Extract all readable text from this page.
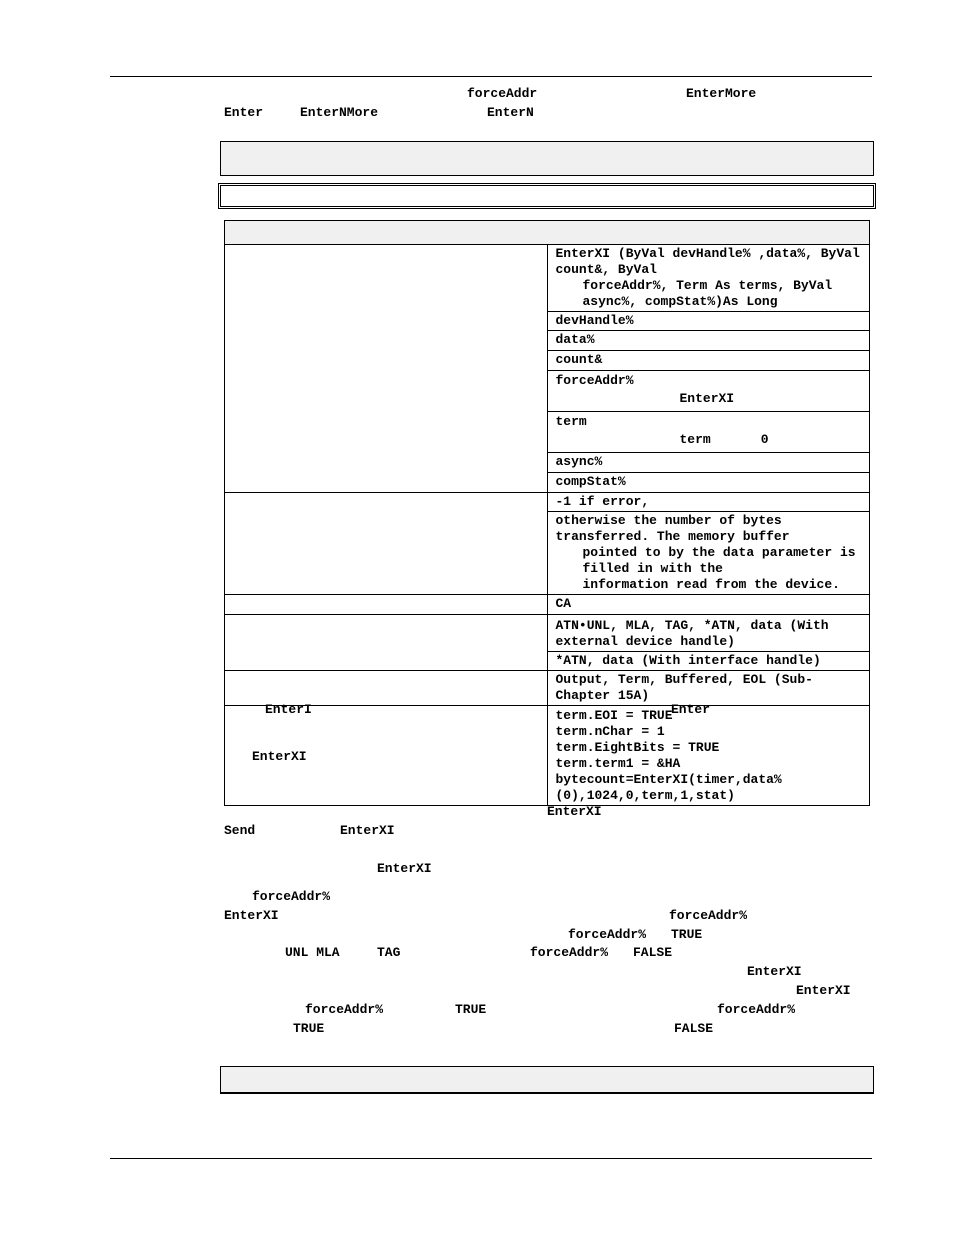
forceAddr	EnterMore
Enter	EnterNMore	EnterN

	EnterXI (ByVal devHandle% ,data%, ByVal count&, ByVal
forceAddr%, Term As terms, ByVal async%, compStat%)As Long

	devHandle%
	data%
	count&

	forceAddr%
EnterXI

	term
term 0

	async%
	compStat%
	-1 if error,

	otherwise the number of bytes transferred. The memory buffer
pointed to by the data parameter is filled in with the
information read from the device.

	CA
	ATN•UNL, MLA, TAG, *ATN, data (With external device handle)
	*ATN, data (With interface handle)
	Output, Term, Buffered, EOL (Sub-Chapter 15A)

	term.EOI = TRUE
term.nChar = 1
term.EightBits = TRUE
term.term1 = &HA
bytecount=EnterXI(timer,data%(0),1024,0,term,1,stat)
EnterI	Enter
EnterXI
EnterXI
Send	EnterXI
EnterXI
forceAddr%
EnterXI	forceAddr%
forceAddr% TRUE
UNL MLA	TAG	forceAddr% FALSE
EnterXI
EnterXI
forceAddr%	TRUE	forceAddr%
TRUE	FALSE
